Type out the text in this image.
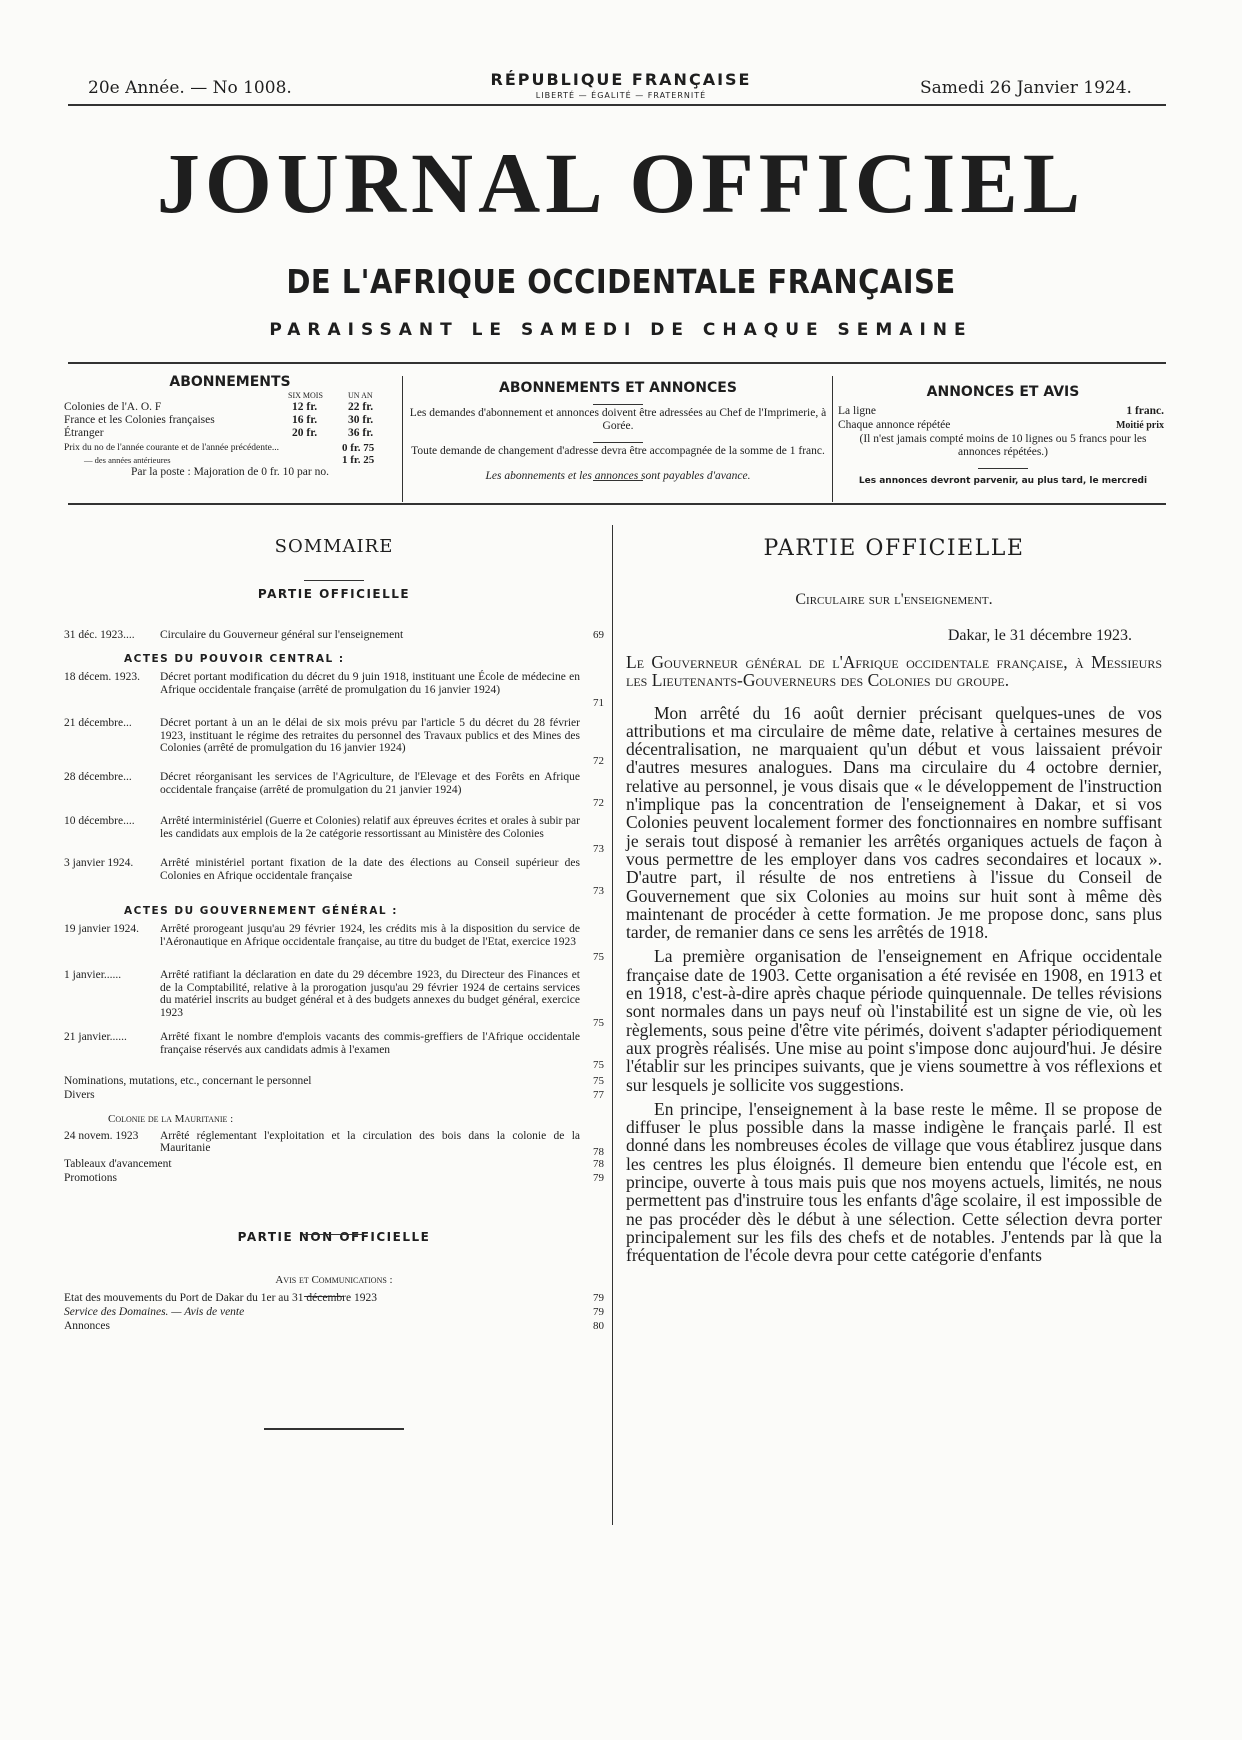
20e Année. — No 1008.	RÉPUBLIQUE FRANÇAISE
LIBERTÉ — ÉGALITÉ — FRATERNITÉ	Samedi 26 Janvier 1924.
JOURNAL OFFICIEL
DE L'AFRIQUE OCCIDENTALE FRANÇAISE
PARAISSANT LE SAMEDI DE CHAQUE SEMAINE
ABONNEMENTS
SIX MOIS	UN AN
Colonies de l'A. O. F	12 fr.	22 fr.
France et les Colonies françaises	16 fr.	30 fr.
Étranger	20 fr.	36 fr.
Prix du no de l'année courante et de l'année précédente...	0 fr. 75
— des années antérieures	1 fr. 25
Par la poste : Majoration de 0 fr. 10 par no.
ABONNEMENTS ET ANNONCES
Les demandes d'abonnement et annonces doivent être adressées au Chef de l'Imprimerie, à Gorée.
Toute demande de changement d'adresse devra être accompagnée de la somme de 1 franc.
Les abonnements et les annonces sont payables d'avance.
ANNONCES ET AVIS
La ligne	1 franc.
Chaque annonce répétée	Moitié prix
(Il n'est jamais compté moins de 10 lignes ou 5 francs pour les annonces répétées.)
Les annonces devront parvenir, au plus tard, le mercredi
SOMMAIRE
PARTIE OFFICIELLE
31 déc. 1923....	Circulaire du Gouverneur général sur l'enseignement	69
ACTES DU POUVOIR CENTRAL :
18 décem. 1923.	Décret portant modification du décret du 9 juin 1918, instituant une École de médecine en Afrique occidentale française (arrêté de promulgation du 16 janvier 1924)
71
21 décembre...	Décret portant à un an le délai de six mois prévu par l'article 5 du décret du 28 février 1923, instituant le régime des retraites du personnel des Travaux publics et des Mines des Colonies (arrêté de promulgation du 16 janvier 1924)
72
28 décembre...	Décret réorganisant les services de l'Agriculture, de l'Elevage et des Forêts en Afrique occidentale française (arrêté de promulgation du 21 janvier 1924)
72
10 décembre....	Arrêté interministériel (Guerre et Colonies) relatif aux épreuves écrites et orales à subir par les candidats aux emplois de la 2e catégorie ressortissant au Ministère des Colonies
73
3 janvier 1924.	Arrêté ministériel portant fixation de la date des élections au Conseil supérieur des Colonies en Afrique occidentale française
73
ACTES DU GOUVERNEMENT GÉNÉRAL :
19 janvier 1924.	Arrêté prorogeant jusqu'au 29 février 1924, les crédits mis à la disposition du service de l'Aéronautique en Afrique occidentale française, au titre du budget de l'Etat, exercice 1923
75
1 janvier......	Arrêté ratifiant la déclaration en date du 29 décembre 1923, du Directeur des Finances et de la Comptabilité, relative à la prorogation jusqu'au 29 février 1924 de certains services du matériel inscrits au budget général et à des budgets annexes du budget général, exercice 1923
75
21 janvier......	Arrêté fixant le nombre d'emplois vacants des commis-greffiers de l'Afrique occidentale française réservés aux candidats admis à l'examen
75
Nominations, mutations, etc., concernant le personnel	75
Divers	77
Colonie de la Mauritanie :
24 novem. 1923	Arrêté réglementant l'exploitation et la circulation des bois dans la colonie de la Mauritanie	78
Tableaux d'avancement	78
Promotions	79
PARTIE NON OFFICIELLE
Avis et Communications :
Etat des mouvements du Port de Dakar du 1er au 31 décembre 1923	79
Service des Domaines. — Avis de vente	79
Annonces	80
PARTIE OFFICIELLE
Circulaire sur l'enseignement.
Dakar, le 31 décembre 1923.
Le Gouverneur général de l'Afrique occidentale française, à Messieurs les Lieutenants-Gouverneurs des Colonies du groupe.

Mon arrêté du 16 août dernier précisant quelques-unes de vos attributions et ma circulaire de même date, relative à certaines mesures de décentralisation, ne marquaient qu'un début et vous laissaient prévoir d'autres mesures analogues. Dans ma circulaire du 4 octobre dernier, relative au personnel, je vous disais que « le développement de l'instruction n'implique pas la concentration de l'enseignement à Dakar, et si vos Colonies peuvent localement former des fonctionnaires en nombre suffisant je serais tout disposé à remanier les arrêtés organiques actuels de façon à vous permettre de les employer dans vos cadres secondaires et locaux ». D'autre part, il résulte de nos entretiens à l'issue du Conseil de Gouvernement que six Colonies au moins sur huit sont à même dès maintenant de procéder à cette formation. Je me propose donc, sans plus tarder, de remanier dans ce sens les arrêtés de 1918.

La première organisation de l'enseignement en Afrique occidentale française date de 1903. Cette organisation a été revisée en 1908, en 1913 et en 1918, c'est-à-dire après chaque période quinquennale. De telles révisions sont normales dans un pays neuf où l'instabilité est un signe de vie, où les règlements, sous peine d'être vite périmés, doivent s'adapter périodiquement aux progrès réalisés. Une mise au point s'impose donc aujourd'hui. Je désire l'établir sur les principes suivants, que je viens soumettre à vos réflexions et sur lesquels je sollicite vos suggestions.

En principe, l'enseignement à la base reste le même. Il se propose de diffuser le plus possible dans la masse indigène le français parlé. Il est donné dans les nombreuses écoles de village que vous établirez jusque dans les centres les plus éloignés. Il demeure bien entendu que l'école est, en principe, ouverte à tous mais puis que nos moyens actuels, limités, ne nous permettent pas d'instruire tous les enfants d'âge scolaire, il est impossible de ne pas procéder dès le début à une sélection. Cette sélection devra porter principalement sur les fils des chefs et de notables. J'entends par là que la fréquentation de l'école devra pour cette catégorie d'enfants
